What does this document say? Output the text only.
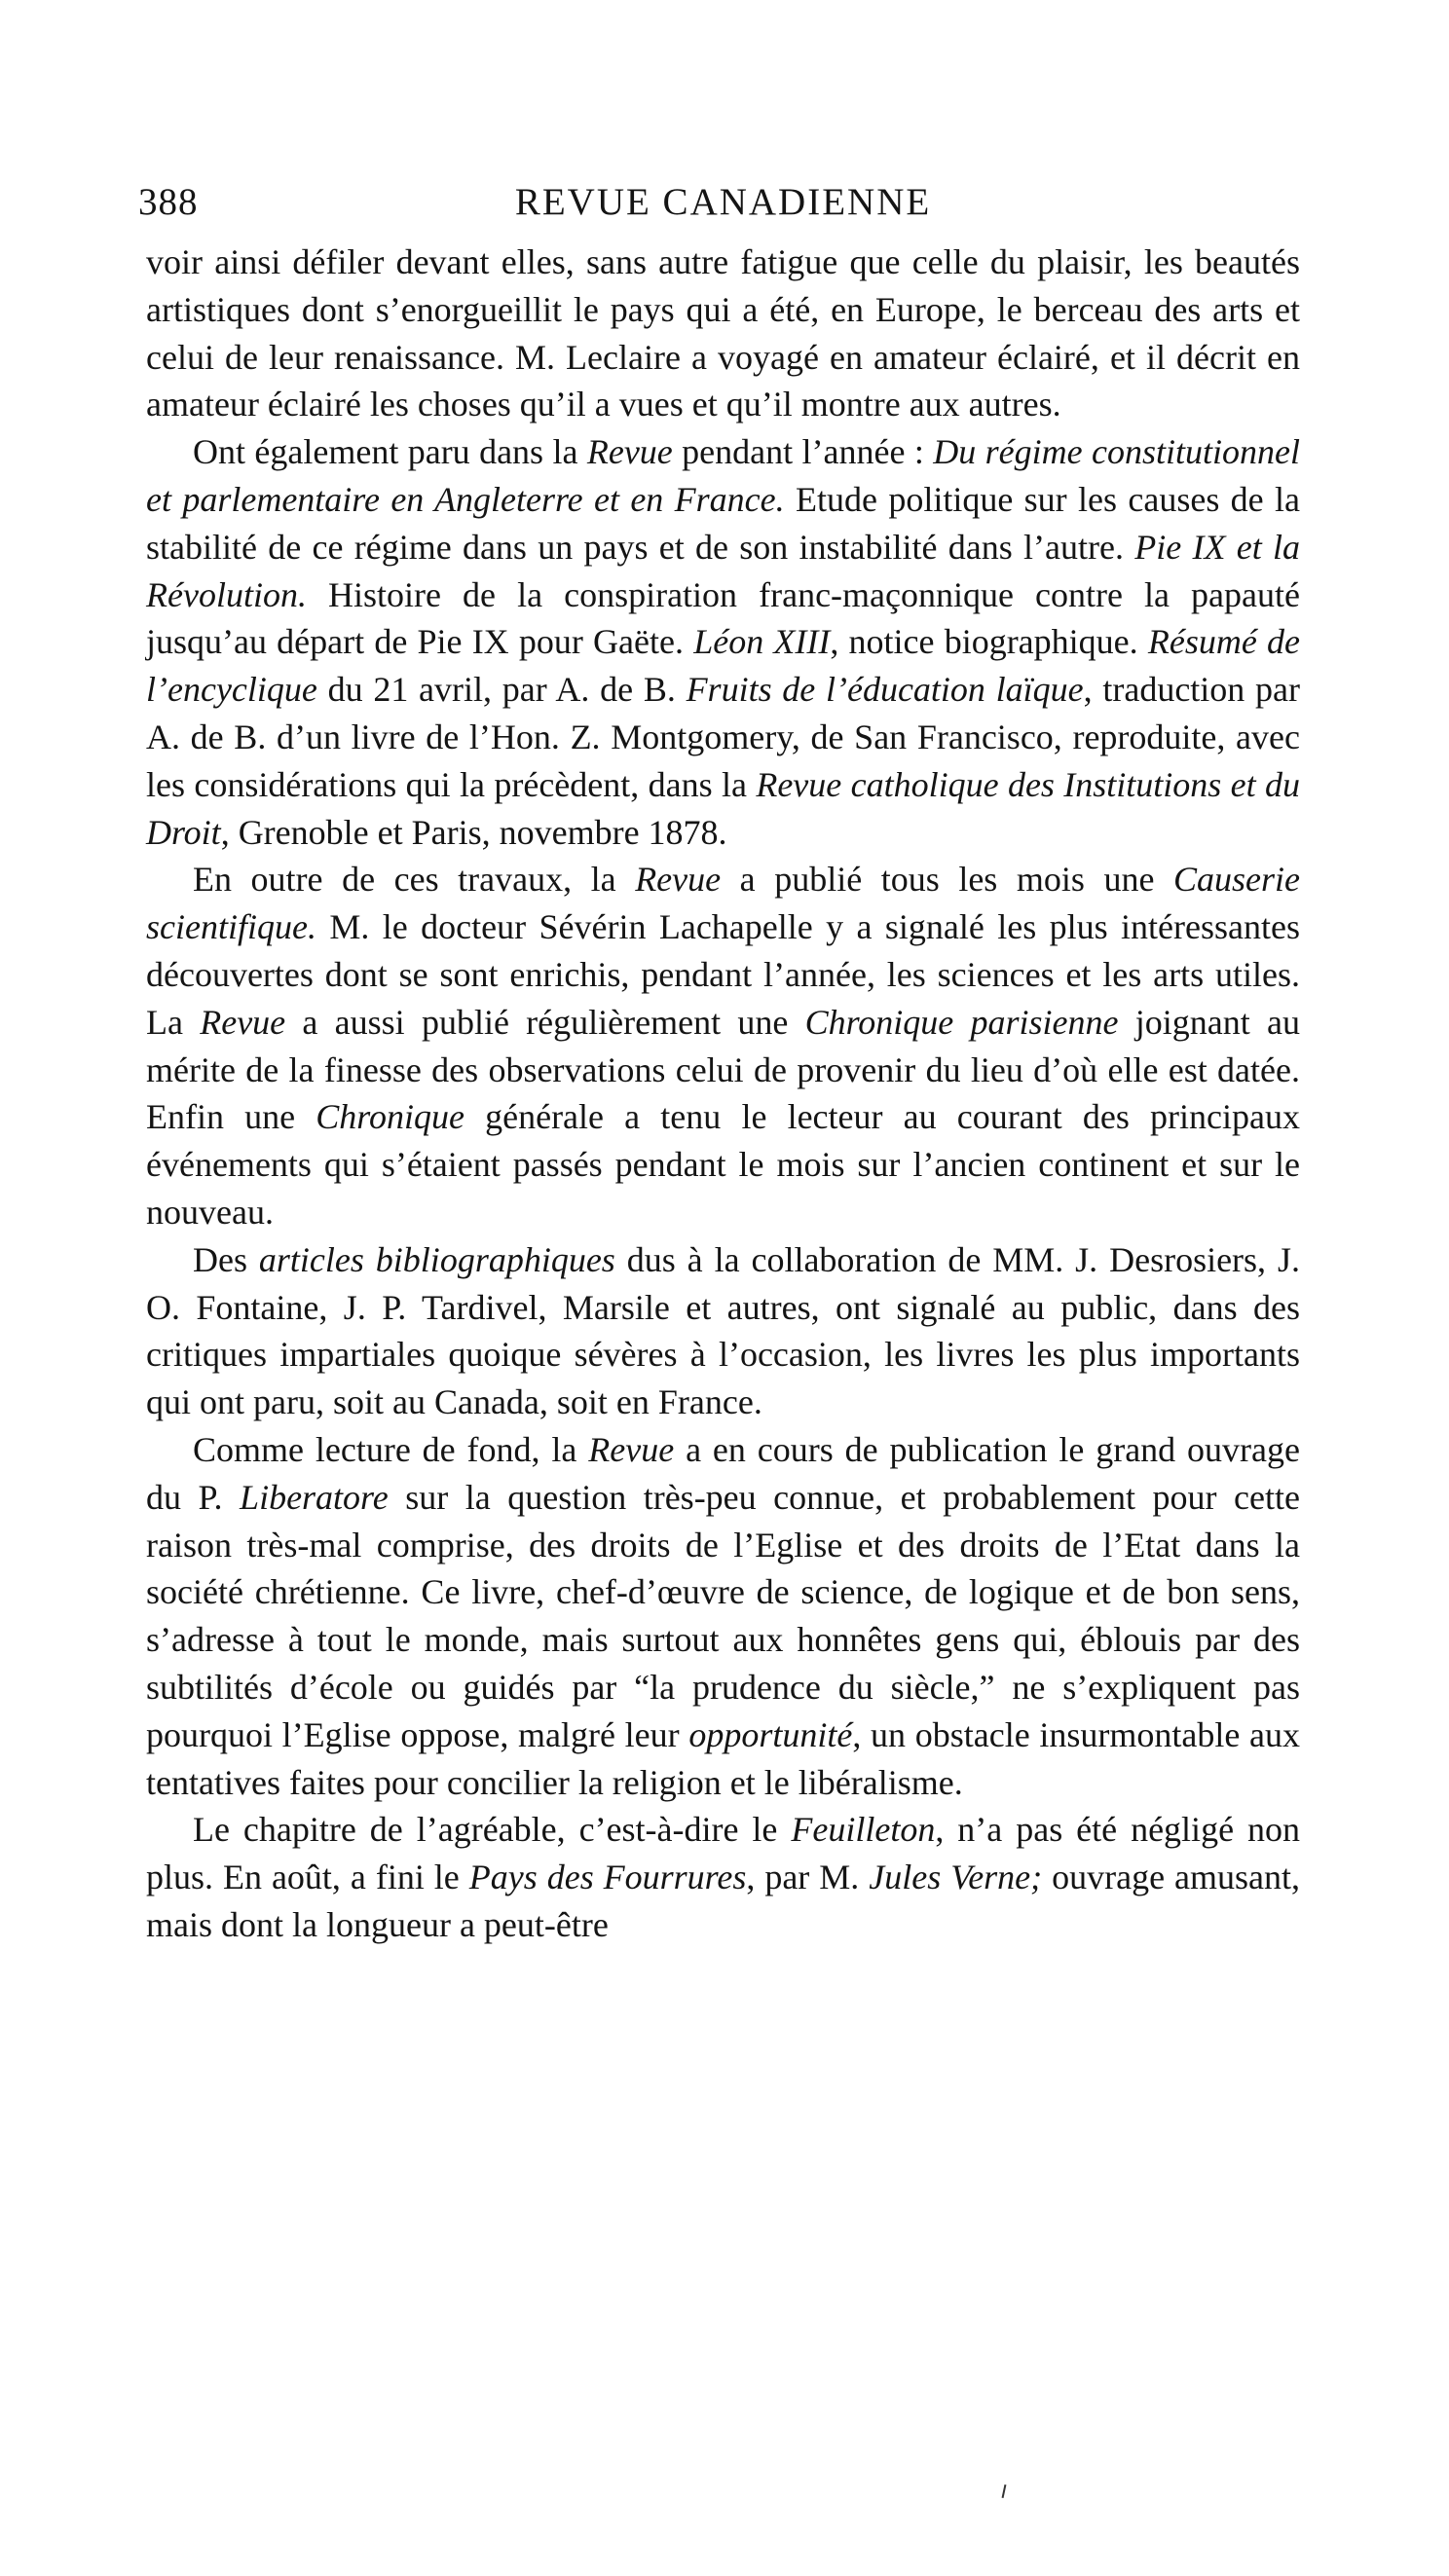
388	REVUE CANADIENNE

voir ainsi défiler devant elles, sans autre fatigue que celle du plaisir, les beautés artistiques dont s’enorgueillit le pays qui a été, en Europe, le berceau des arts et celui de leur renaissance. M. Leclaire a voyagé en amateur éclairé, et il décrit en amateur éclairé les choses qu’il a vues et qu’il montre aux autres.

Ont également paru dans la Revue pendant l’année : Du régime constitutionnel et parlementaire en Angleterre et en France. Etude politique sur les causes de la stabilité de ce régime dans un pays et de son instabilité dans l’autre. Pie IX et la Révolution. Histoire de la conspiration franc-maçonnique contre la papauté jusqu’au départ de Pie IX pour Gaëte. Léon XIII, notice biographique. Résumé de l’encyclique du 21 avril, par A. de B. Fruits de l’éducation laïque, traduction par A. de B. d’un livre de l’Hon. Z. Montgomery, de San Francisco, reproduite, avec les considérations qui la précèdent, dans la Revue catholique des Institutions et du Droit, Grenoble et Paris, novembre 1878.

En outre de ces travaux, la Revue a publié tous les mois une Causerie scientifique. M. le docteur Sévérin Lachapelle y a signalé les plus intéressantes découvertes dont se sont enrichis, pendant l’année, les sciences et les arts utiles. La Revue a aussi publié régulièrement une Chronique parisienne joignant au mérite de la finesse des observations celui de provenir du lieu d’où elle est datée. Enfin une Chronique générale a tenu le lecteur au courant des principaux événements qui s’étaient passés pendant le mois sur l’ancien continent et sur le nouveau.

Des articles bibliographiques dus à la collaboration de MM. J. Desrosiers, J. O. Fontaine, J. P. Tardivel, Marsile et autres, ont signalé au public, dans des critiques impartiales quoique sévères à l’occasion, les livres les plus importants qui ont paru, soit au Canada, soit en France.

Comme lecture de fond, la Revue a en cours de publication le grand ouvrage du P. Liberatore sur la question très-peu connue, et probablement pour cette raison très-mal comprise, des droits de l’Eglise et des droits de l’Etat dans la société chrétienne. Ce livre, chef-d’œuvre de science, de logique et de bon sens, s’adresse à tout le monde, mais surtout aux honnêtes gens qui, éblouis par des subtilités d’école ou guidés par “la prudence du siècle,” ne s’expliquent pas pourquoi l’Eglise oppose, malgré leur opportunité, un obstacle insurmontable aux tentatives faites pour concilier la religion et le libéralisme.

Le chapitre de l’agréable, c’est-à-dire le Feuilleton, n’a pas été négligé non plus. En août, a fini le Pays des Fourrures, par M. Jules Verne; ouvrage amusant, mais dont la longueur a peut-être
